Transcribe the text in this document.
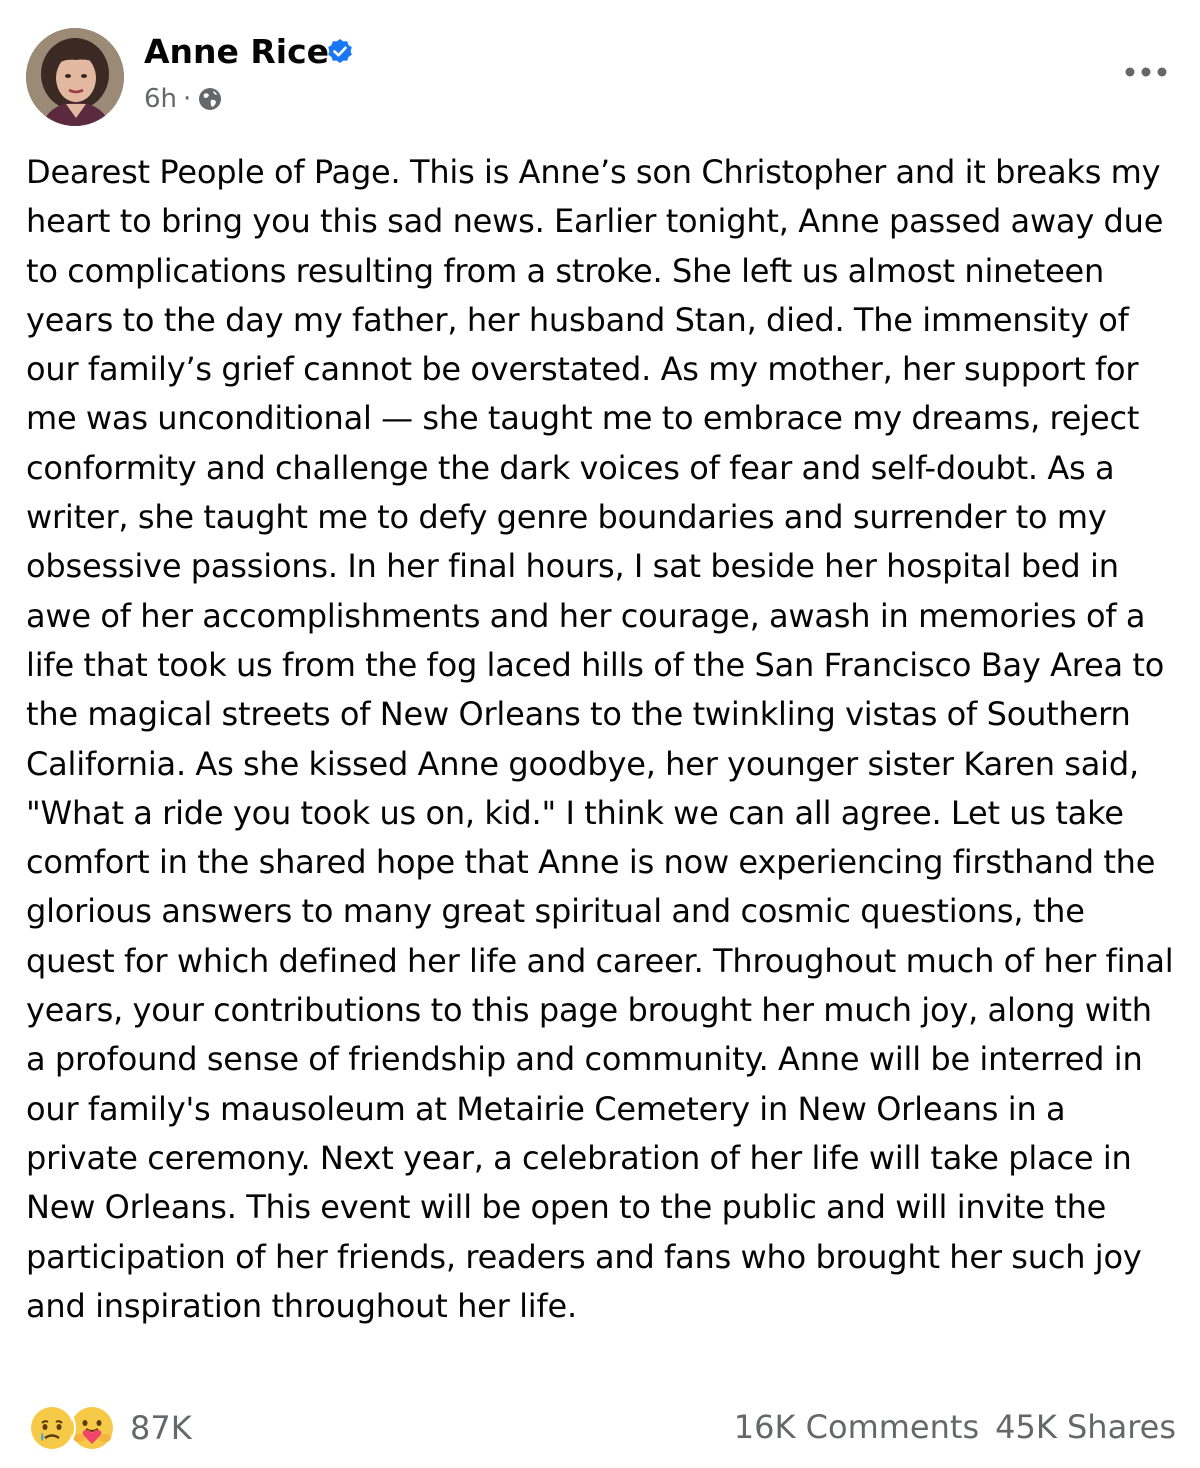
Anne Rice
6h ·
Dearest People of Page. This is Anne’s son Christopher and it breaks my heart to bring you this sad news. Earlier tonight, Anne passed away due to complications resulting from a stroke. She left us almost nineteen years to the day my father, her husband Stan, died. The immensity of our family’s grief cannot be overstated. As my mother, her support for me was unconditional — she taught me to embrace my dreams, reject conformity and challenge the dark voices of fear and self-doubt. As a writer, she taught me to defy genre boundaries and surrender to my obsessive passions. In her final hours, I sat beside her hospital bed in awe of her accomplishments and her courage, awash in memories of a life that took us from the fog laced hills of the San Francisco Bay Area to the magical streets of New Orleans to the twinkling vistas of Southern California. As she kissed Anne goodbye, her younger sister Karen said, "What a ride you took us on, kid." I think we can all agree. Let us take comfort in the shared hope that Anne is now experiencing firsthand the glorious answers to many great spiritual and cosmic questions, the quest for which defined her life and career. Throughout much of her final years, your contributions to this page brought her much joy, along with a profound sense of friendship and community. Anne will be interred in our family's mausoleum at Metairie Cemetery in New Orleans in a private ceremony. Next year, a celebration of her life will take place in New Orleans. This event will be open to the public and will invite the participation of her friends, readers and fans who brought her such joy and inspiration throughout her life.
87K	16K Comments 45K Shares
